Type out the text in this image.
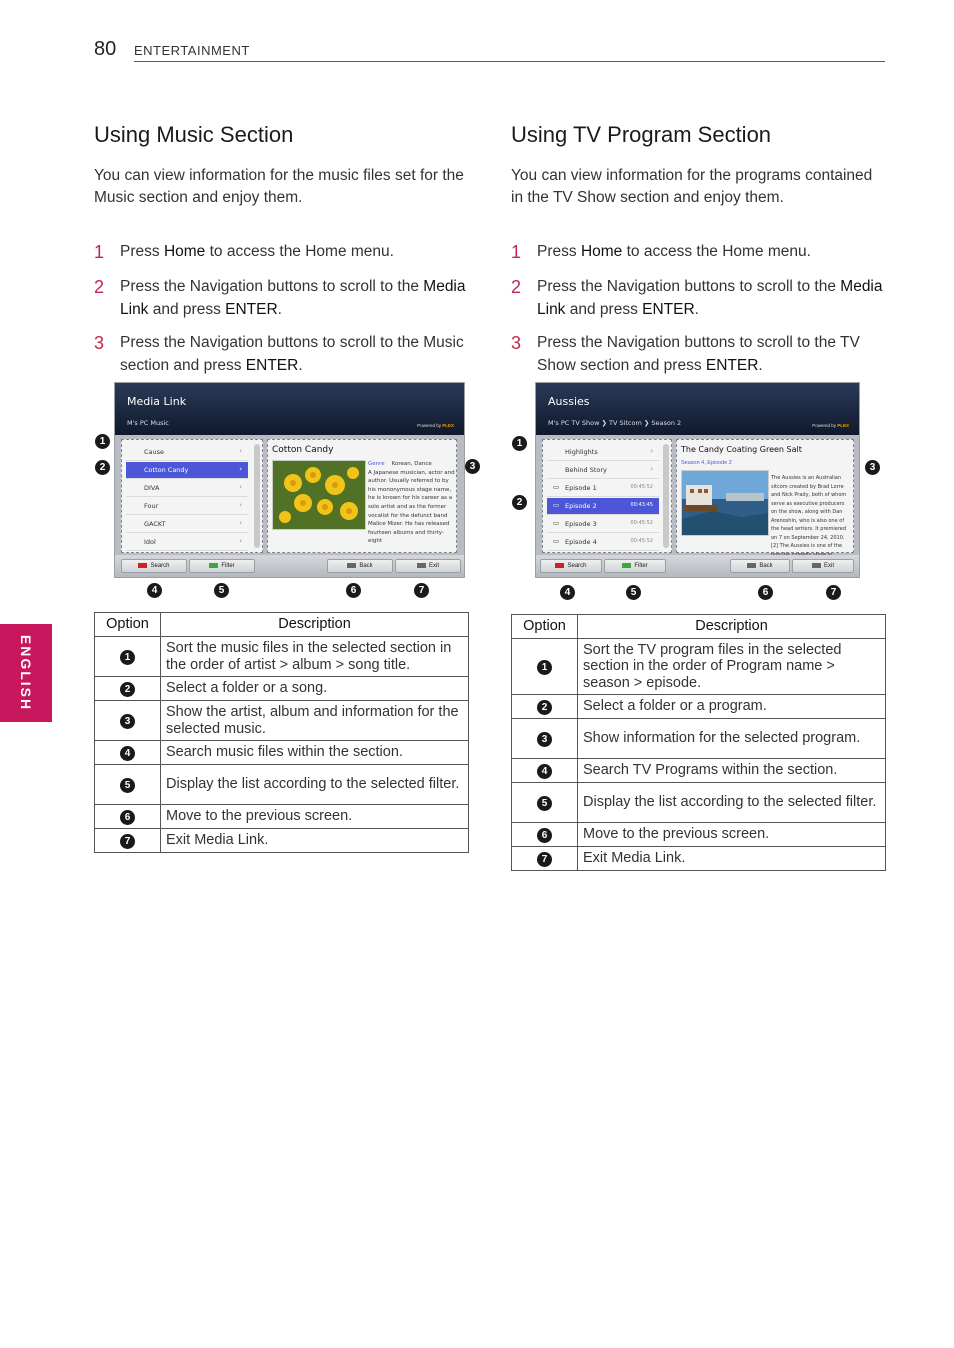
80 ENTERTAINMENT
ENGLISH
Using Music Section
You can view information for the music files set for the Music section and enjoy them.
1 Press Home to access the Home menu.
2 Press the Navigation buttons to scroll to the Media Link and press ENTER.
3 Press the Navigation buttons to scroll to the Music section and press ENTER.
Media Link
M's PC Music	Powered by PLEX
Cause	›
Cotton Candy	›
DIVA	›
Four	›
GACKT	›
Idol	›
Cotton Candy
Genre Korean, Dance
A Japanese musician, actor and author. Usually referred to by his mononymous stage name, he is known for his career as a solo artist and as the former vocalist for the defunct band Malice Mizer. He has released fourteen albums and thirty-eight
Search	Filter	Back	Exit
1
2	3
4	5	6	7
Option	Description
1	Sort the music files in the selected section in the order of artist > album > song title.
2	Select a folder or a song.
3	Show the artist, album and information for the selected music.
4	Search music files within the section.
5	Display the list according to the selected filter.
6	Move to the previous screen.
7	Exit Media Link.
Using TV Program Section
You can view information for the programs contained in the TV Show section and enjoy them.
1 Press Home to access the Home menu.
2 Press the Navigation buttons to scroll to the Media Link and press ENTER.
3 Press the Navigation buttons to scroll to the TV Show section and press ENTER.
Aussies
M's PC TV Show ❯ TV Sitcom ❯ Season 2	Powered by PLEX
Highlights	›
Behind Story	›
▭ Episode 1	00:45:52
▭ Episode 2	00:43:45
▭ Episode 3	00:45:52
▭ Episode 4	00:45:52
The Candy Coating Green Salt
Season 4, Episode 2
The Aussies is an Australian sitcom created by Brad Lorre and Nick Prady, both of whom serve as executive producers on the show, along with Dan Arenoshin, who is also one of the head writers. It premiered on 7 on September 24, 2010.[2] The Aussies is one of the
Search	Filter	Back	Exit
1
2
3
4	5	6	7
Option	Description
1	Sort the TV program files in the selected section in the order of Program name > season > episode.
2	Select a folder or a program.
3	Show information for the selected program.
4	Search TV Programs within the section.
5	Display the list according to the selected filter.
6	Move to the previous screen.
7	Exit Media Link.
